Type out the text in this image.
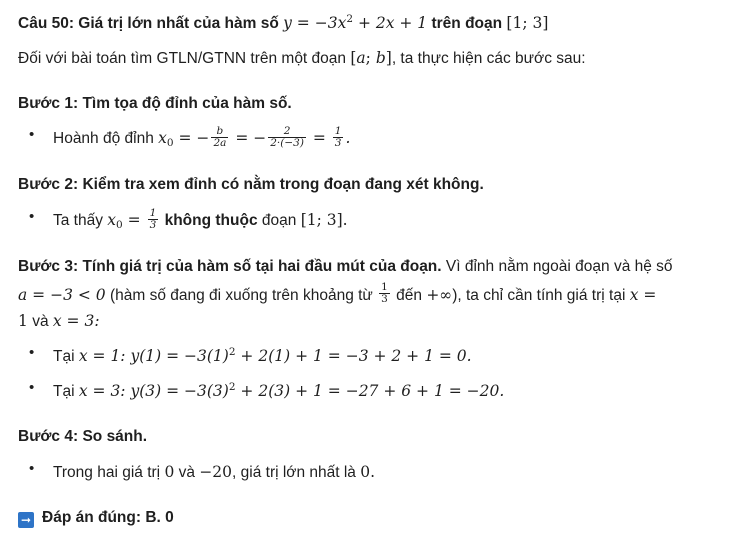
Câu 50: Giá trị lớn nhất của hàm số $y = -3x^2 + 2x + 1$ trên đoạn [1; 3]
Đối với bài toán tìm GTLN/GTNN trên một đoạn [a; b], ta thực hiện các bước sau:
Bước 1: Tìm tọa độ đỉnh của hàm số.
• Hoành độ đỉnh $x_0$ = − $\frac{b}{2a}$ = − $\frac{2}{2\cdot(-3)} = \frac{1}{3}$ .
Bước 2: Kiểm tra xem đỉnh có nằm trong đoạn đang xét không.
• Ta thấy $x_0 = \frac{1}{3}$ không thuộc đoạn [1; 3].
Bước 3: Tính giá trị của hàm số tại hai đầu mút của đoạn. Vì đỉnh nằm ngoài đoạn và hệ số
a = −3 < 0 (hàm số đang đi xuống trên khoảng từ $\frac{1}{3}$ đến +∞), ta chỉ cần tính giá trị tại x =
1 và x = 3:
• Tại x = 1: $y(1) = -3(1)^2 + 2(1) + 1 = -3 + 2 + 1 = 0$.
• Tại x = 3: $y(3) = -3(3)^2 + 2(3) + 1 = -27 + 6 + 1 = -20$.
Bước 4: So sánh.
• Trong hai giá trị 0 và −20, giá trị lớn nhất là 0.
➞ Đáp án đúng: B. 0
